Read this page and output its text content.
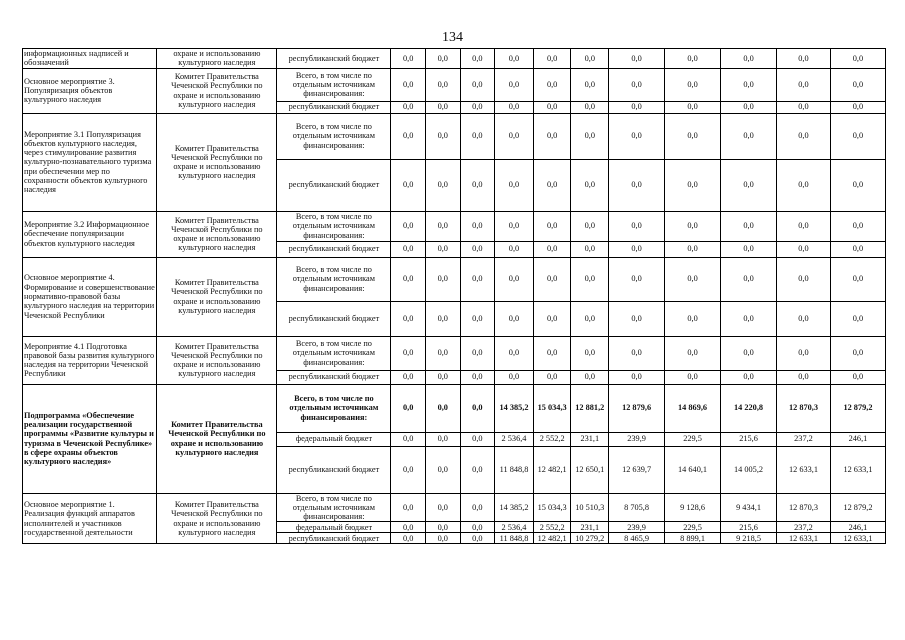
134
информационных надписей и обозначений	охране и использованию культурного наследия	республиканский бюджет	0,0	0,0	0,0	0,0	0,0	0,0	0,0	0,0	0,0	0,0	0,0
Основное мероприятие 3. Популяризация объектов культурного наследия	Комитет Правительства Чеченской Республики по охране и использованию культурного наследия	Всего, в том числе по отдельным источникам финансирования:	0,0	0,0	0,0	0,0	0,0	0,0	0,0	0,0	0,0	0,0	0,0
		республиканский бюджет	0,0	0,0	0,0	0,0	0,0	0,0	0,0	0,0	0,0	0,0	0,0
Мероприятие 3.1 Популяризация объектов культурного наследия, через стимулирование развития культурно-познавательного туризма при обеспечении мер по сохранности объектов культурного наследия	Комитет Правительства Чеченской Республики по охране и использованию культурного наследия	Всего, в том числе по отдельным источникам финансирования:	0,0	0,0	0,0	0,0	0,0	0,0	0,0	0,0	0,0	0,0	0,0
		республиканский бюджет	0,0	0,0	0,0	0,0	0,0	0,0	0,0	0,0	0,0	0,0	0,0
Мероприятие 3.2 Информационное обеспечение популяризации объектов культурного наследия	Комитет Правительства Чеченской Республики по охране и использованию культурного наследия	Всего, в том числе по отдельным источникам финансирования:	0,0	0,0	0,0	0,0	0,0	0,0	0,0	0,0	0,0	0,0	0,0
		республиканский бюджет	0,0	0,0	0,0	0,0	0,0	0,0	0,0	0,0	0,0	0,0	0,0
Основное мероприятие 4. Формирование и совершенствование нормативно-правовой базы культурного наследия на территории Чеченской Республики	Комитет Правительства Чеченской Республики по охране и использованию культурного наследия	Всего, в том числе по отдельным источникам финансирования:	0,0	0,0	0,0	0,0	0,0	0,0	0,0	0,0	0,0	0,0	0,0
		республиканский бюджет	0,0	0,0	0,0	0,0	0,0	0,0	0,0	0,0	0,0	0,0	0,0
Мероприятие 4.1 Подготовка правовой базы развития культурного наследия на территории Чеченской Республики	Комитет Правительства Чеченской Республики по охране и использованию культурного наследия	Всего, в том числе по отдельным источникам финансирования:	0,0	0,0	0,0	0,0	0,0	0,0	0,0	0,0	0,0	0,0	0,0
		республиканский бюджет	0,0	0,0	0,0	0,0	0,0	0,0	0,0	0,0	0,0	0,0	0,0
Подпрограмма «Обеспечение реализации государственной программы «Развитие культуры и туризма в Чеченской Республике» в сфере охраны объектов культурного наследия»	Комитет Правительства Чеченской Республики по охране и использованию культурного наследия	Всего, в том числе по отдельным источникам финансирования:	0,0	0,0	0,0	14 385,2	15 034,3	12 881,2	12 879,6	14 869,6	14 220,8	12 870,3	12 879,2
		федеральный бюджет	0,0	0,0	0,0	2 536,4	2 552,2	231,1	239,9	229,5	215,6	237,2	246,1
		республиканский бюджет	0,0	0,0	0,0	11 848,8	12 482,1	12 650,1	12 639,7	14 640,1	14 005,2	12 633,1	12 633,1
Основное мероприятие 1. Реализация функций аппаратов исполнителей и участников государственной деятельности	Комитет Правительства Чеченской Республики по охране и использованию культурного наследия	Всего, в том числе по отдельным источникам финансирования:	0,0	0,0	0,0	14 385,2	15 034,3	10 510,3	8 705,8	9 128,6	9 434,1	12 870,3	12 879,2
		федеральный бюджет	0,0	0,0	0,0	2 536,4	2 552,2	231,1	239,9	229,5	215,6	237,2	246,1
		республиканский бюджет	0,0	0,0	0,0	11 848,8	12 482,1	10 279,2	8 465,9	8 899,1	9 218,5	12 633,1	12 633,1
